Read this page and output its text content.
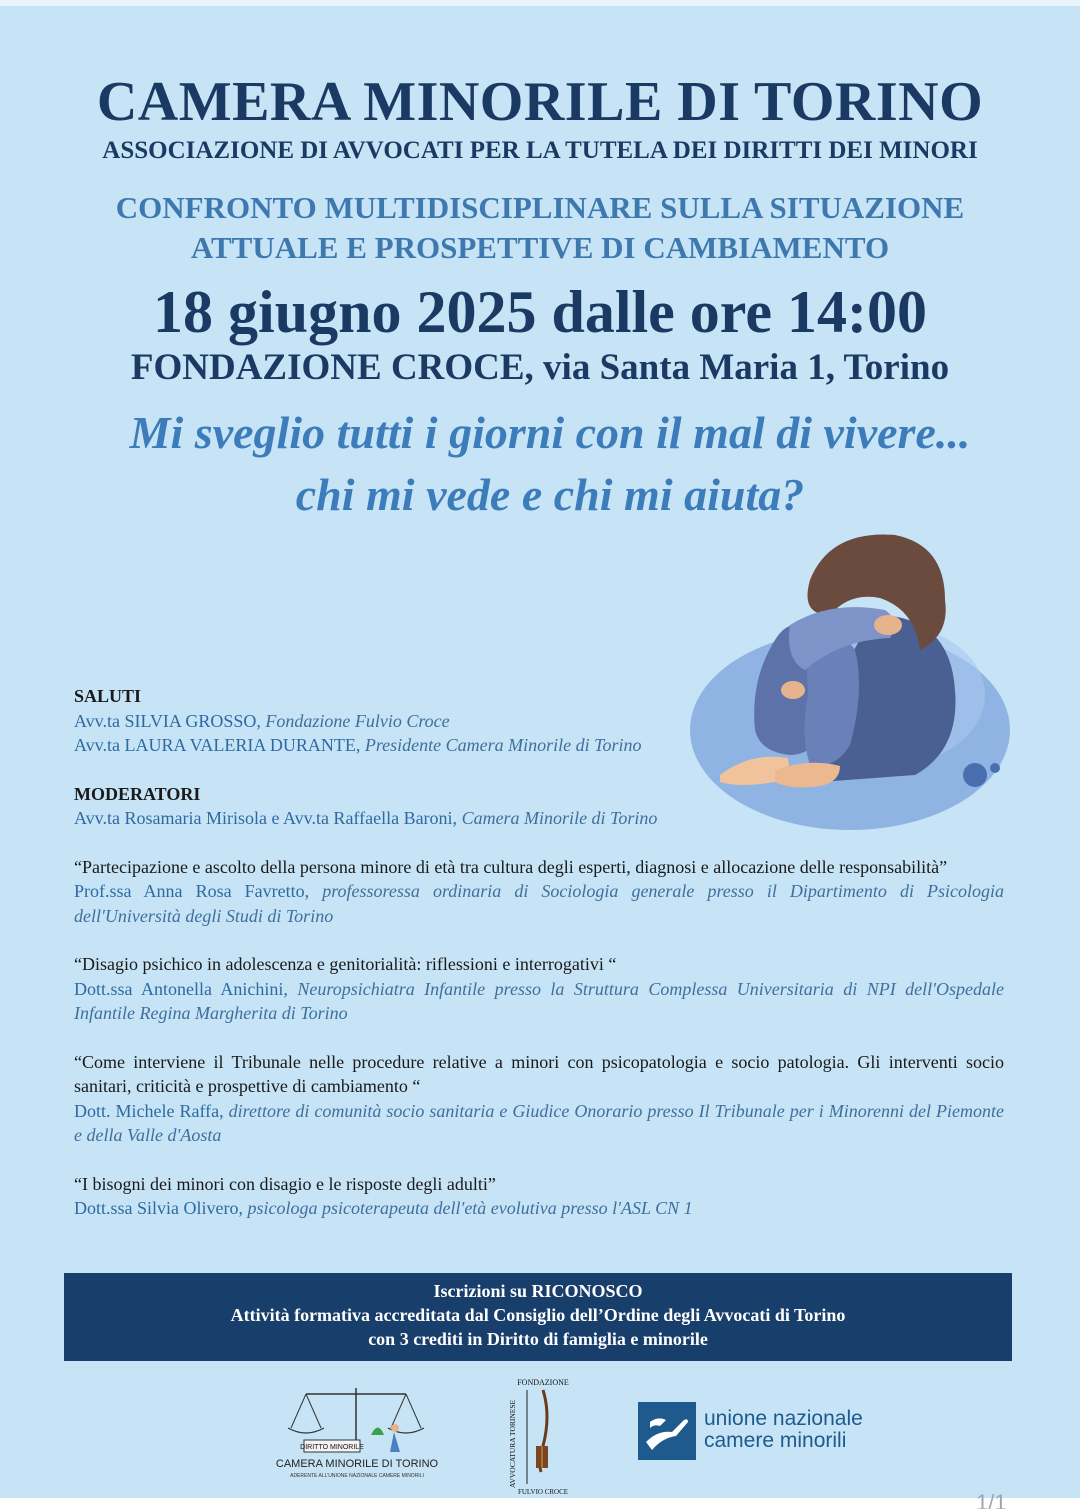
CAMERA MINORILE DI TORINO
ASSOCIAZIONE DI AVVOCATI PER LA TUTELA DEI DIRITTI DEI MINORI
CONFRONTO MULTIDISCIPLINARE SULLA SITUAZIONE
ATTUALE E PROSPETTIVE DI CAMBIAMENTO
18 giugno 2025 dalle ore 14:00
FONDAZIONE CROCE, via Santa Maria 1, Torino
Mi sveglio tutti i giorni con il mal di vivere...
chi mi vede e chi mi aiuta?
SALUTI
Avv.ta SILVIA GROSSO, Fondazione Fulvio Croce
Avv.ta LAURA VALERIA DURANTE, Presidente Camera Minorile di Torino
MODERATORI
Avv.ta Rosamaria Mirisola e Avv.ta Raffaella Baroni, Camera Minorile di Torino
“Partecipazione e ascolto della persona minore di età tra cultura degli esperti, diagnosi e allocazione delle responsabilità”
Prof.ssa Anna Rosa Favretto, professoressa ordinaria di Sociologia generale presso il Dipartimento di Psicologia dell'Università degli Studi di Torino
“Disagio psichico in adolescenza e genitorialità: riflessioni e interrogativi “
Dott.ssa Antonella Anichini, Neuropsichiatra Infantile presso la Struttura Complessa Universitaria di NPI dell'Ospedale Infantile Regina Margherita di Torino
“Come interviene il Tribunale nelle procedure relative a minori con psicopatologia e socio patologia. Gli interventi socio sanitari, criticità e prospettive di cambiamento “
Dott. Michele Raffa, direttore di comunità socio sanitaria e Giudice Onorario presso Il Tribunale per i Minorenni del Piemonte e della Valle d'Aosta
“I bisogni dei minori con disagio e le risposte degli adulti”
Dott.ssa Silvia Olivero, psicologa psicoterapeuta dell'età evolutiva presso l'ASL CN 1
Iscrizioni su RICONOSCO
Attività formativa accreditata dal Consiglio dell’Ordine degli Avvocati di Torino
con 3 crediti in Diritto di famiglia e minorile
DIRITTO MINORILE
CAMERA MINORILE DI TORINO
ADERENTE ALL'UNIONE NAZIONALE CAMERE MINORILI
FONDAZIONE
AVVOCATURA TORINESE
FULVIO CROCE
unione nazionale
camere minorili
1/1
